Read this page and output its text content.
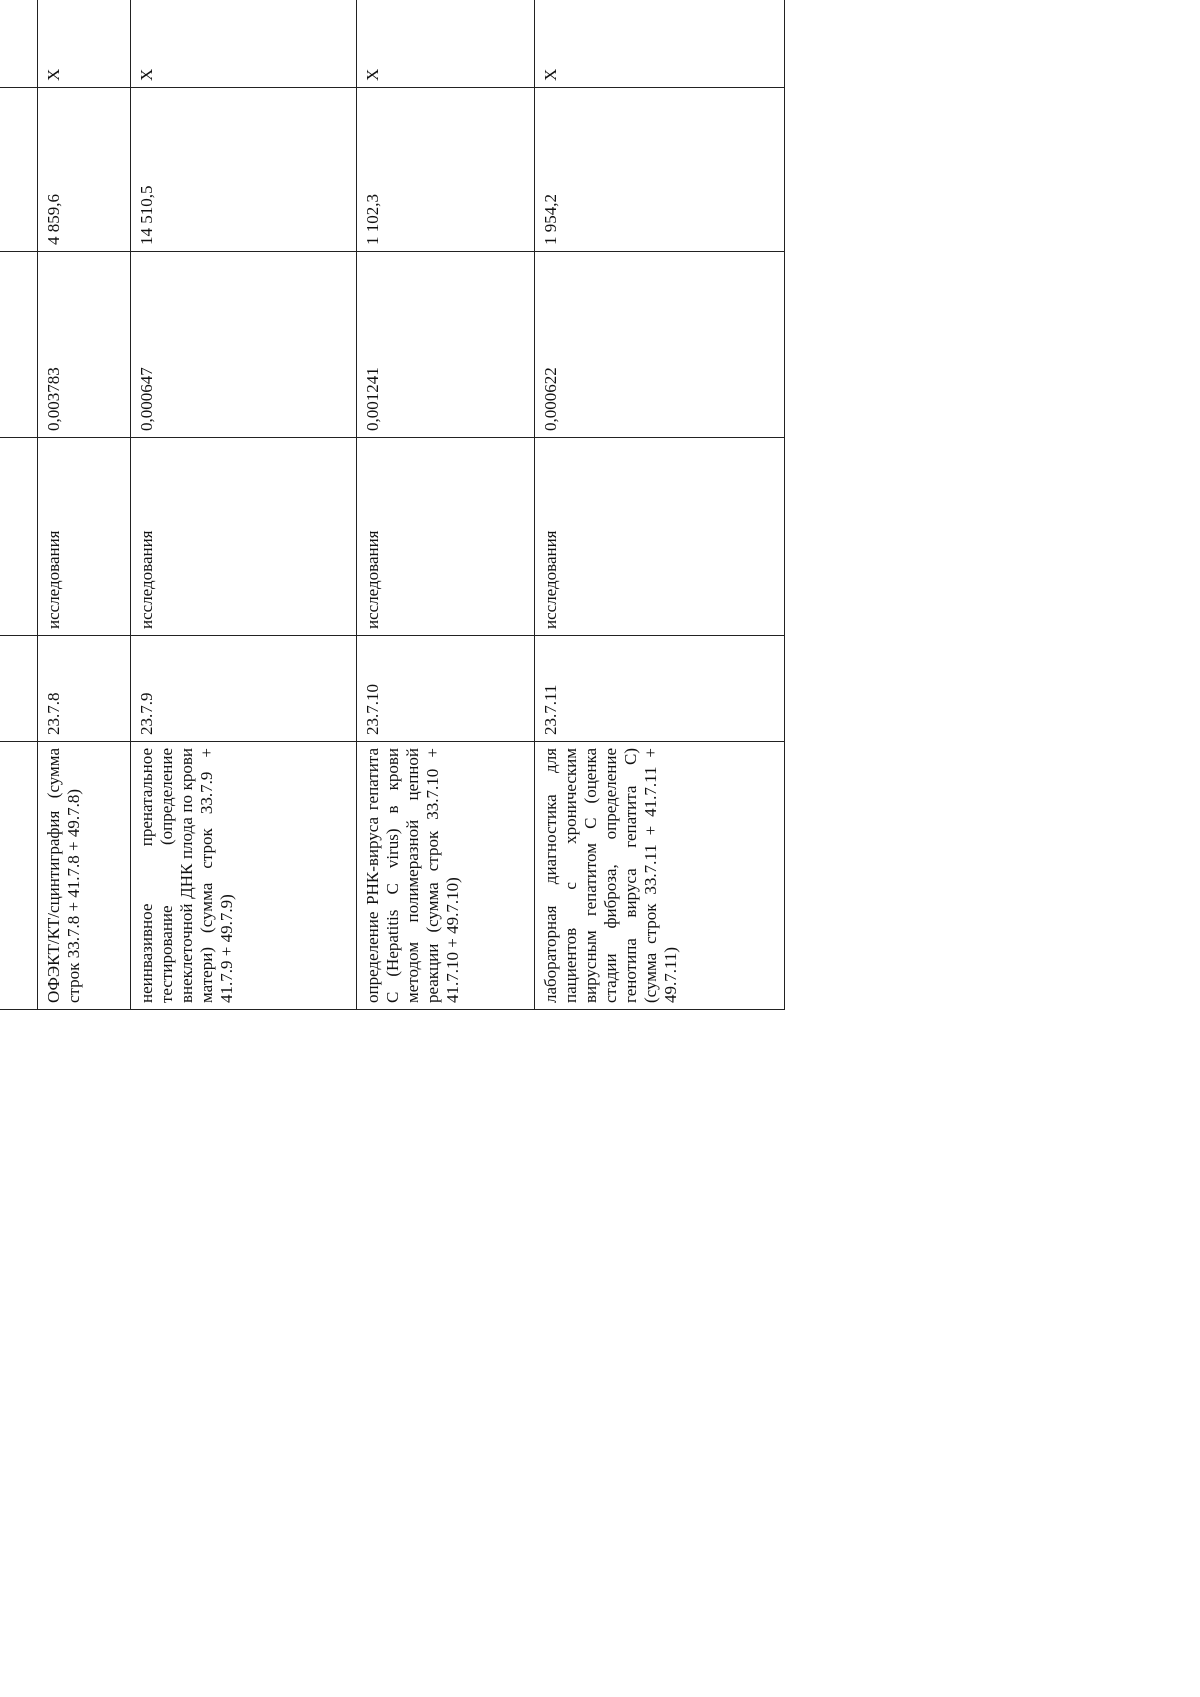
ОФЭКТ/КТ/сцинтиграфия (сумма строк 33.7.8 + 41.7.8 + 49.7.8)	23.7.8	исследования	0,003783	4 859,6	X				
неинвазивное пренатальное тестирование (определение внеклеточной ДНК плода по крови матери) (сумма строк 33.7.9 + 41.7.9 + 49.7.9)	23.7.9	исследования	0,000647	14 510,5	X				
определение РНК-вируса гепатита С (Hepatitis C virus) в крови методом полимеразной цепной реакции (сумма строк 33.7.10 + 41.7.10 + 49.7.10)	23.7.10	исследования	0,001241	1 102,3	X				
лабораторная диагностика для пациентов с хроническим вирусным гепатитом С (оценка стадии фиброза, определение генотипа вируса гепатита С) (сумма строк 33.7.11 + 41.7.11 + 49.7.11)	23.7.11	исследования	0,000622	1 954,2	X				
